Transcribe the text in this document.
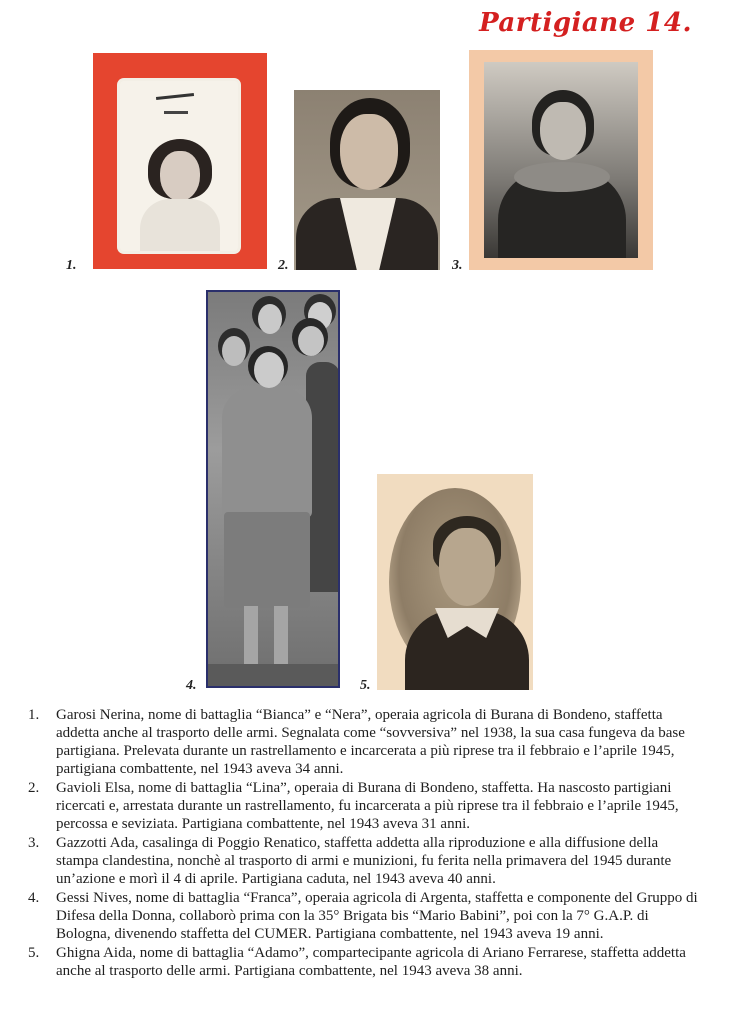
Partigiane 14.
1.	2.	3.
4.	5.
1. Garosi Nerina, nome di battaglia “Bianca” e “Nera”, operaia agricola di Burana di Bondeno, staffetta addetta anche al trasporto delle armi. Segnalata come “sovversiva” nel 1938, la sua casa fungeva da base partigiana. Prelevata durante un rastrellamento e incarcerata a più riprese tra il febbraio e l’aprile 1945, partigiana combattente, nel 1943 aveva 34 anni.
2. Gavioli Elsa, nome di battaglia “Lina”, operaia di Burana di Bondeno, staffetta. Ha nascosto partigiani ricercati e, arrestata durante un rastrellamento, fu incarcerata a più riprese tra il febbraio e l’aprile 1945, percossa e seviziata. Partigiana combattente, nel 1943 aveva 31 anni.
3. Gazzotti Ada, casalinga di Poggio Renatico, staffetta addetta alla riproduzione e alla diffusione della stampa clandestina, nonchè al trasporto di armi e munizioni, fu ferita nella primavera del 1945 durante un’azione e morì il 4 di aprile. Partigiana caduta, nel 1943 aveva 40 anni.
4. Gessi Nives, nome di battaglia “Franca”, operaia agricola di Argenta, staffetta e componente del Gruppo di Difesa della Donna, collaborò prima con la 35° Brigata bis “Mario Babini”, poi con la 7° G.A.P. di Bologna, divenendo staffetta del CUMER. Partigiana combattente, nel 1943 aveva 19 anni.
5. Ghigna Aida, nome di battaglia “Adamo”, compartecipante agricola di Ariano Ferrarese, staffetta addetta anche al trasporto delle armi. Partigiana combattente, nel 1943 aveva 38 anni.
